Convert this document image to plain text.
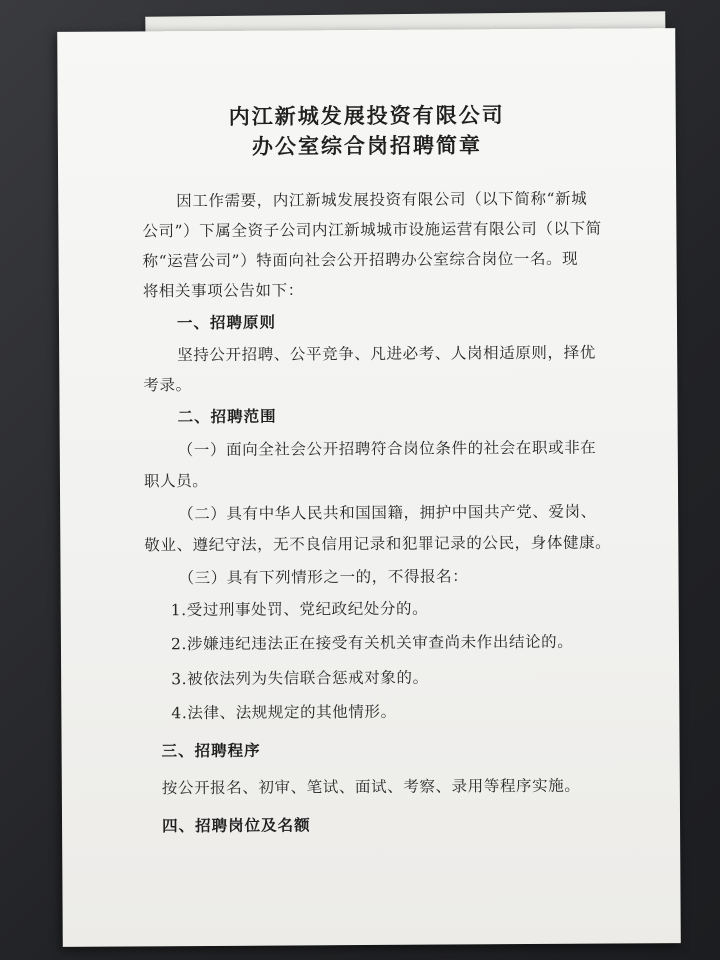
内江新城发展投资有限公司
办公室综合岗招聘简章
因工作需要，内江新城发展投资有限公司（以下简称“新城
公司”）下属全资子公司内江新城城市设施运营有限公司（以下简
称“运营公司”）特面向社会公开招聘办公室综合岗位一名。现
将相关事项公告如下：
一、招聘原则
坚持公开招聘、公平竞争、凡进必考、人岗相适原则，择优
考录。
二、招聘范围
（一）面向全社会公开招聘符合岗位条件的社会在职或非在
职人员。
（二）具有中华人民共和国国籍，拥护中国共产党、爱岗、
敬业、遵纪守法，无不良信用记录和犯罪记录的公民，身体健康。
（三）具有下列情形之一的，不得报名：
1.受过刑事处罚、党纪政纪处分的。
2.涉嫌违纪违法正在接受有关机关审查尚未作出结论的。
3.被依法列为失信联合惩戒对象的。
4.法律、法规规定的其他情形。
三、招聘程序
按公开报名、初审、笔试、面试、考察、录用等程序实施。
四、招聘岗位及名额
